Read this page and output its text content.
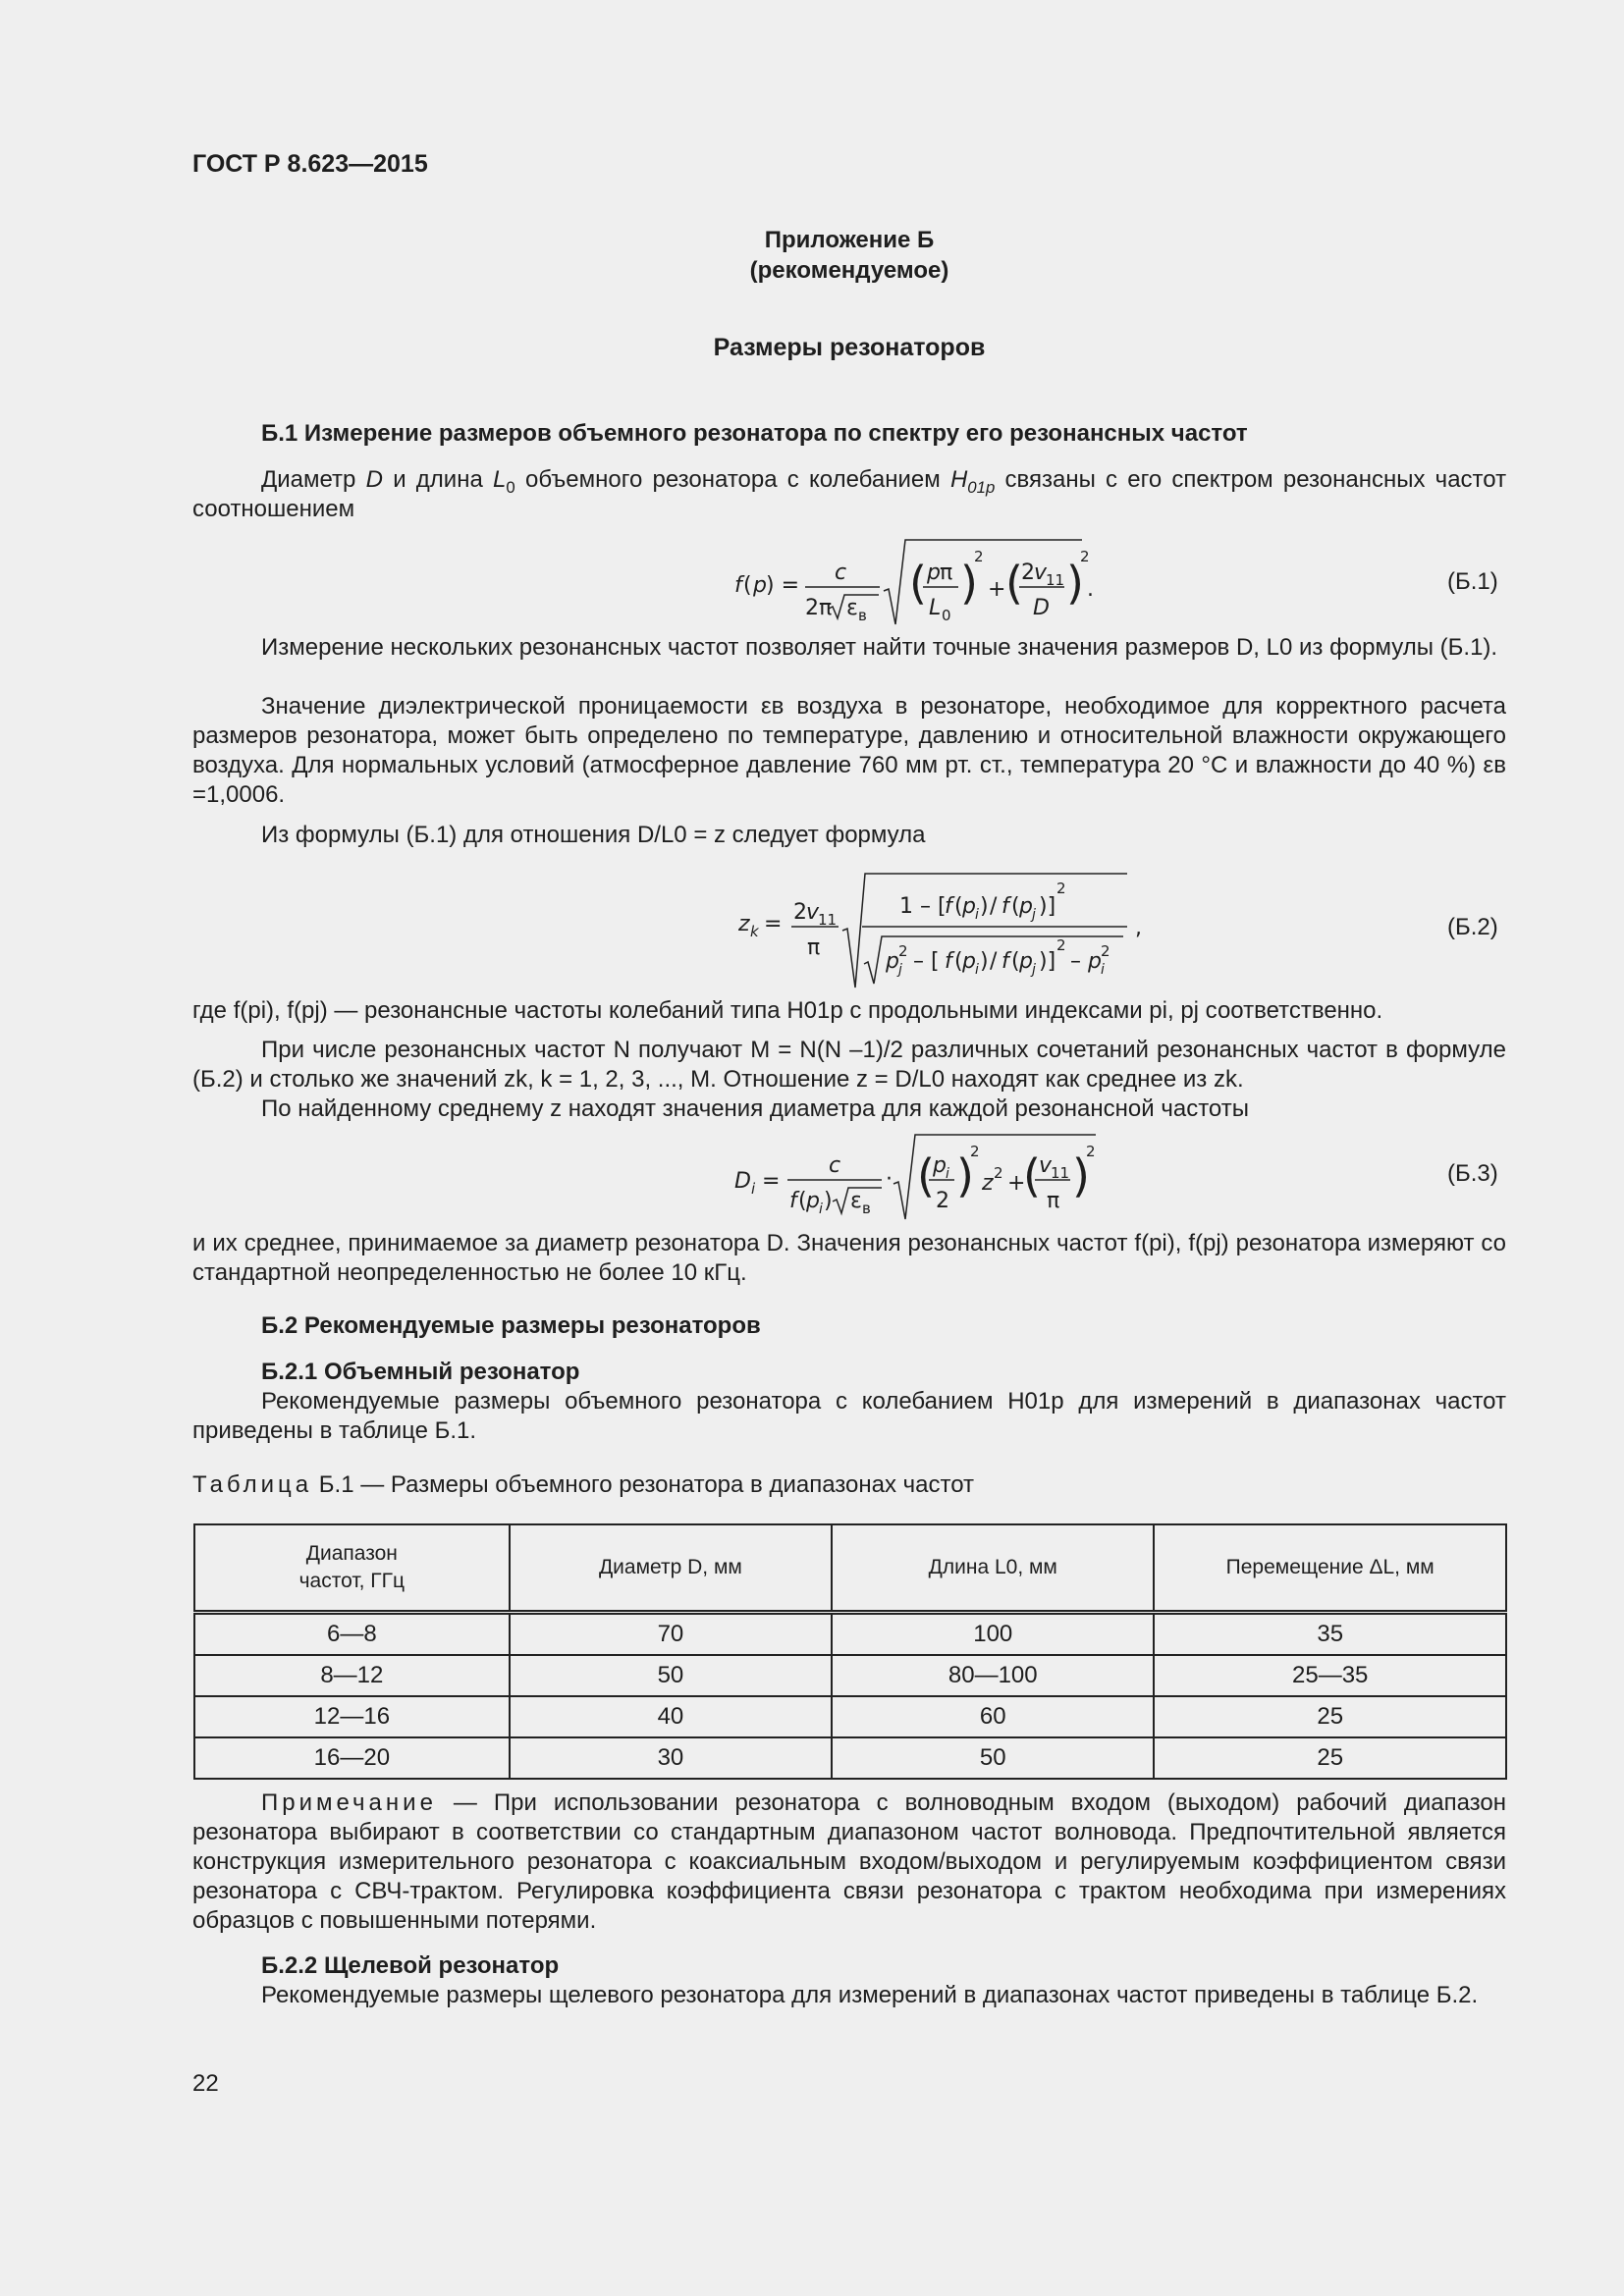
ГОСТ Р 8.623—2015
Приложение Б
(рекомендуемое)
Размеры резонаторов
Б.1 Измерение размеров объемного резонатора по спектру его резонансных частот
Диаметр D и длина $L_0$ объемного резонатора с колебанием $H_{01p}$ связаны с его спектром резонансных частот соотношением
f ( p ) =
c
2π ε в
( p π
L 0
)
2
+ (
2 v
11
D )
2
.	(Б.1)
Измерение нескольких резонансных частот позволяет найти точные значения размеров D, L0 из формулы (Б.1).
Значение диэлектрической проницаемости εв воздуха в резонаторе, необходимое для корректного расчета размеров резонатора, может быть определено по температуре, давлению и относительной влажности окружающего воздуха. Для нормальных условий (атмосферное давление 760 мм рт. ст., температура 20 °С и влажности до 40 %) εв =1,0006.
Из формулы (Б.1) для отношения D/L0 = z следует формула
z k = 2 v
11
π
1 – [
f ( p i ) / f ( p j )]
2
p j
2 – [ f ( p i ) / f ( p j )]
2
– p i
2
,	(Б.2)
где f(pi), f(pj) — резонансные частоты колебаний типа H01p с продольными индексами pi, pj соответственно.
При числе резонансных частот N получают M = N(N –1)/2 различных сочетаний резонансных частот в формуле (Б.2) и столько же значений zk, k = 1, 2, 3, ..., M. Отношение z = D/L0 находят как среднее из zk.
По найденному среднему z находят значения диаметра для каждой резонансной частоты
D i =
c
f ( p i ) ε в
· (
p i
2 )
2
z 2 +
(
v
11
π )
2
(Б.3)
и их среднее, принимаемое за диаметр резонатора D. Значения резонансных частот f(pi), f(pj) резонатора измеряют со стандартной неопределенностью не более 10 кГц.
Б.2 Рекомендуемые размеры резонаторов
Б.2.1 Объемный резонатор
Рекомендуемые размеры объемного резонатора с колебанием H01p для измерений в диапазонах частот приведены в таблице Б.1.
Таблица Б.1 — Размеры объемного резонатора в диапазонах частот
Диапазон частот, ГГц	Диаметр D, мм	Длина L0, мм	Перемещение ΔL, мм
6—8	70	100	35
8—12	50	80—100	25—35
12—16	40	60	25
16—20	30	50	25
Примечание — При использовании резонатора с волноводным входом (выходом) рабочий диапазон резонатора выбирают в соответствии со стандартным диапазоном частот волновода. Предпочтительной является конструкция измерительного резонатора с коаксиальным входом/выходом и регулируемым коэффициентом связи резонатора с СВЧ-трактом. Регулировка коэффициента связи резонатора с трактом необходима при измерениях образцов с повышенными потерями.
Б.2.2 Щелевой резонатор
Рекомендуемые размеры щелевого резонатора для измерений в диапазонах частот приведены в таблице Б.2.
22
